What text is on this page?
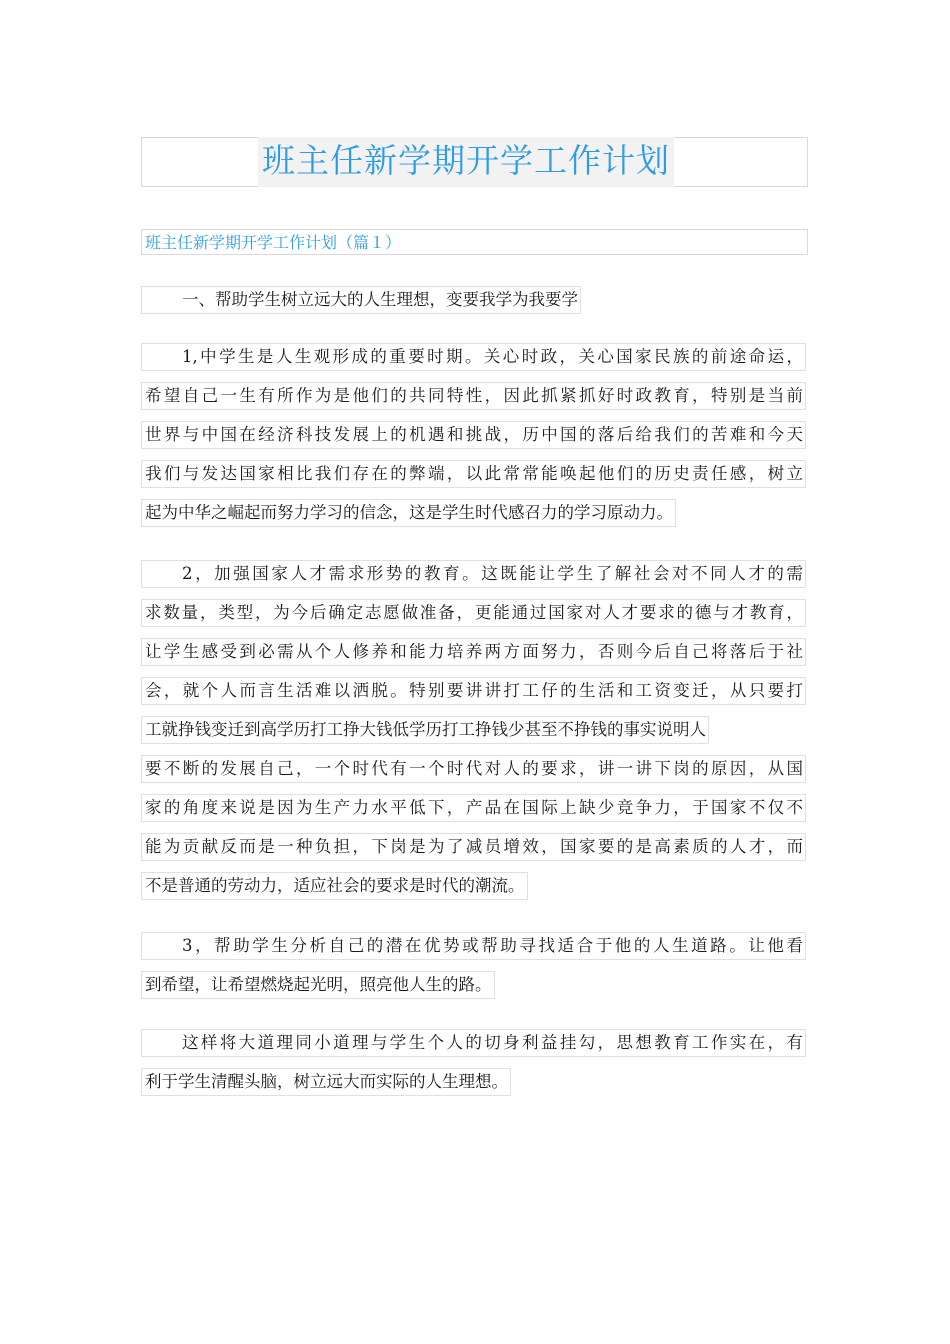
班主任新学期开学工作计划
班主任新学期开学工作计划（篇１）
一、帮助学生树立远大的人生理想，变要我学为我要学
1,中学生是人生观形成的重要时期。关心时政，关心国家民族的前途命运，
希望自己一生有所作为是他们的共同特性，因此抓紧抓好时政教育，特别是当前
世界与中国在经济科技发展上的机遇和挑战，历中国的落后给我们的苦难和今天
我们与发达国家相比我们存在的弊端，以此常常能唤起他们的历史责任感，树立
起为中华之崛起而努力学习的信念，这是学生时代感召力的学习原动力。
2，加强国家人才需求形势的教育。这既能让学生了解社会对不同人才的需
求数量，类型，为今后确定志愿做准备，更能通过国家对人才要求的德与才教育，
让学生感受到必需从个人修养和能力培养两方面努力，否则今后自己将落后于社
会，就个人而言生活难以洒脱。特别要讲讲打工仔的生活和工资变迁，从只要打
工就挣钱变迁到高学历打工挣大钱低学历打工挣钱少甚至不挣钱的事实说明人
要不断的发展自己，一个时代有一个时代对人的要求，讲一讲下岗的原因，从国
家的角度来说是因为生产力水平低下，产品在国际上缺少竞争力，于国家不仅不
能为贡献反而是一种负担，下岗是为了减员增效，国家要的是高素质的人才，而
不是普通的劳动力，适应社会的要求是时代的潮流。
3，帮助学生分析自己的潜在优势或帮助寻找适合于他的人生道路。让他看
到希望，让希望燃烧起光明，照亮他人生的路。
这样将大道理同小道理与学生个人的切身利益挂勾，思想教育工作实在，有
利于学生清醒头脑，树立远大而实际的人生理想。
